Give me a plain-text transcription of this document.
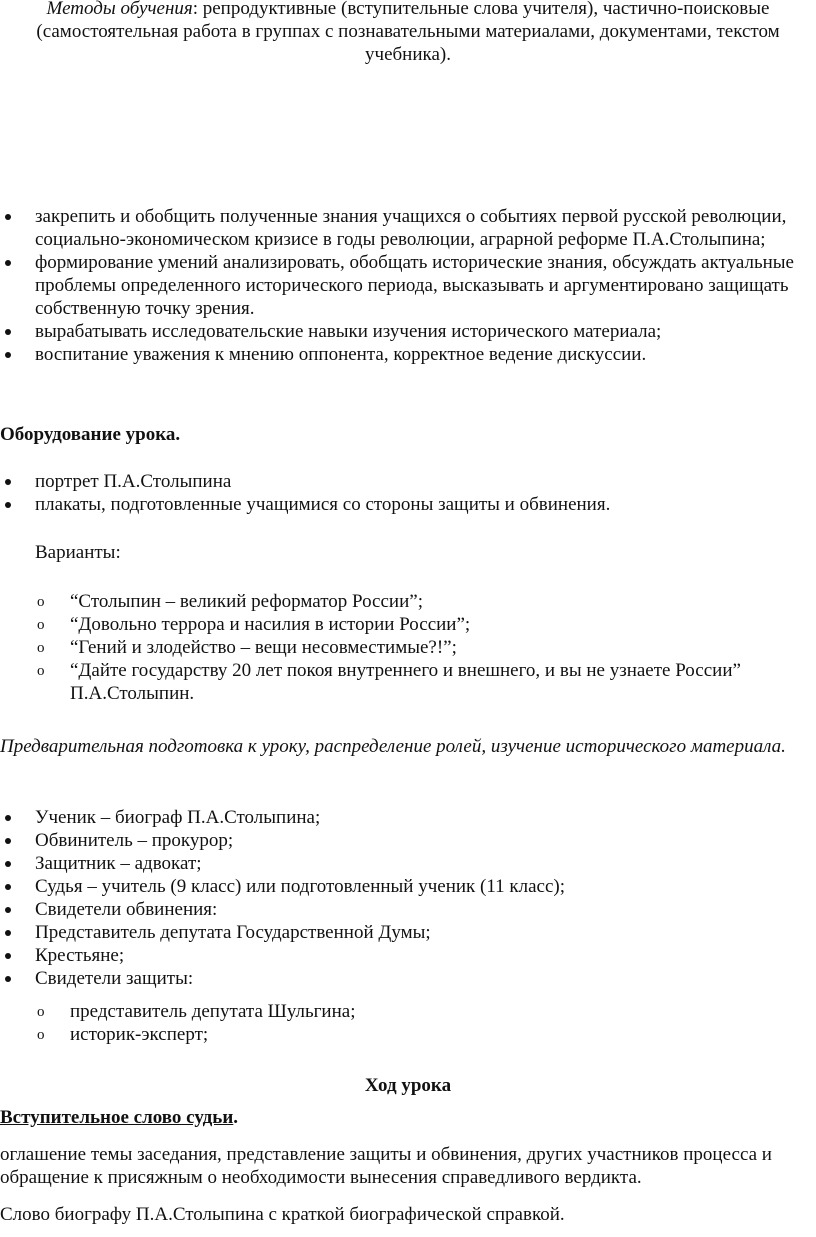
Методы обучения: репродуктивные (вступительные слова учителя), частично-поисковые (самостоятельная работа в группах с познавательными материалами, документами, текстом учебника).

закрепить и обобщить полученные знания учащихся о событиях первой русской революции, социально-экономическом кризисе в годы революции, аграрной реформе П.А.Столыпина;
формирование умений анализировать, обобщать исторические знания, обсуждать актуальные проблемы определенного исторического периода, высказывать и аргументировано защищать собственную точку зрения.
вырабатывать исследовательские навыки изучения исторического материала;
воспитание уважения к мнению оппонента, корректное ведение дискуссии.
Оборудование урока.
портрет П.А.Столыпина
плакаты, подготовленные учащимися со стороны защиты и обвинения.
Варианты:
o “Столыпин – великий реформатор России”;
o “Довольно террора и насилия в истории России”;
o “Гений и злодейство – вещи несовместимые?!”;
o “Дайте государству 20 лет покоя внутреннего и внешнего, и вы не узнаете России” П.А.Столыпин.

Предварительная подготовка к уроку, распределение ролей, изучение исторического материала.

Ученик – биограф П.А.Столыпина;
Обвинитель – прокурор;
Защитник – адвокат;
Судья – учитель (9 класс) или подготовленный ученик (11 класс);
Свидетели обвинения:
Представитель депутата Государственной Думы;
Крестьяне;
Свидетели защиты:
o представитель депутата Шульгина;
o историк-эксперт;
Ход урока
Вступительное слово судьи.

оглашение темы заседания, представление защиты и обвинения, других участников процесса и обращение к присяжным о необходимости вынесения справедливого вердикта.

Слово биографу П.А.Столыпина с краткой биографической справкой.
